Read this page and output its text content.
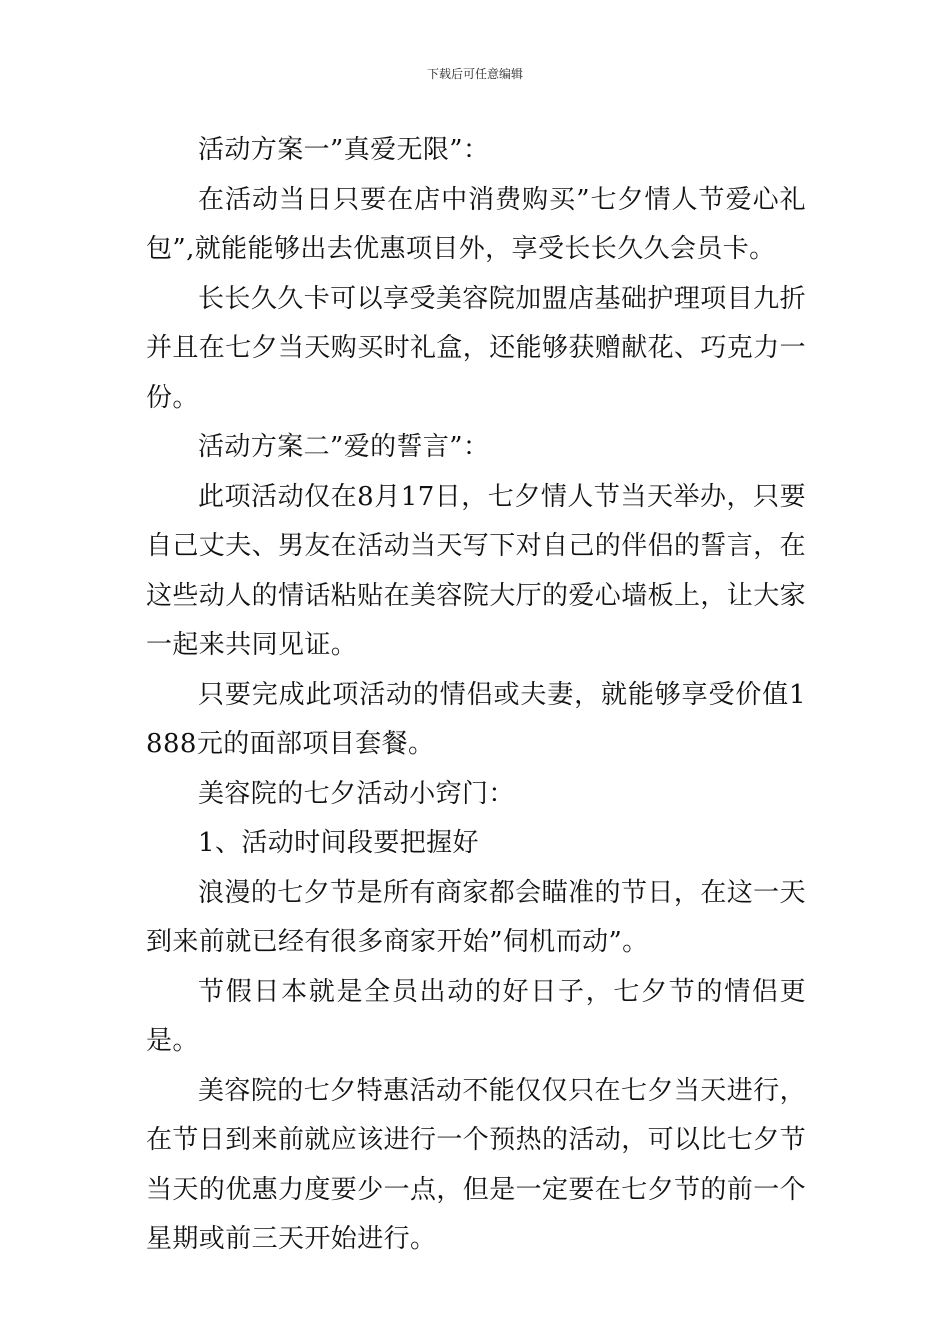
下载后可任意编辑

活动方案一”真爱无限”：

在活动当日只要在店中消费购买”七夕情人节爱心礼包”,就能能够出去优惠项目外，享受长长久久会员卡。

长长久久卡可以享受美容院加盟店基础护理项目九折并且在七夕当天购买时礼盒，还能够获赠献花、巧克力一份。

活动方案二”爱的誓言”：

此项活动仅在8月17日，七夕情人节当天举办，只要自己丈夫、男友在活动当天写下对自己的伴侣的誓言，在这些动人的情话粘贴在美容院大厅的爱心墙板上，让大家一起来共同见证。

只要完成此项活动的情侣或夫妻，就能够享受价值1888元的面部项目套餐。

美容院的七夕活动小窍门：

1、活动时间段要把握好

浪漫的七夕节是所有商家都会瞄准的节日，在这一天到来前就已经有很多商家开始”伺机而动”。

节假日本就是全员出动的好日子，七夕节的情侣更是。

美容院的七夕特惠活动不能仅仅只在七夕当天进行，在节日到来前就应该进行一个预热的活动，可以比七夕节当天的优惠力度要少一点，但是一定要在七夕节的前一个星期或前三天开始进行。
